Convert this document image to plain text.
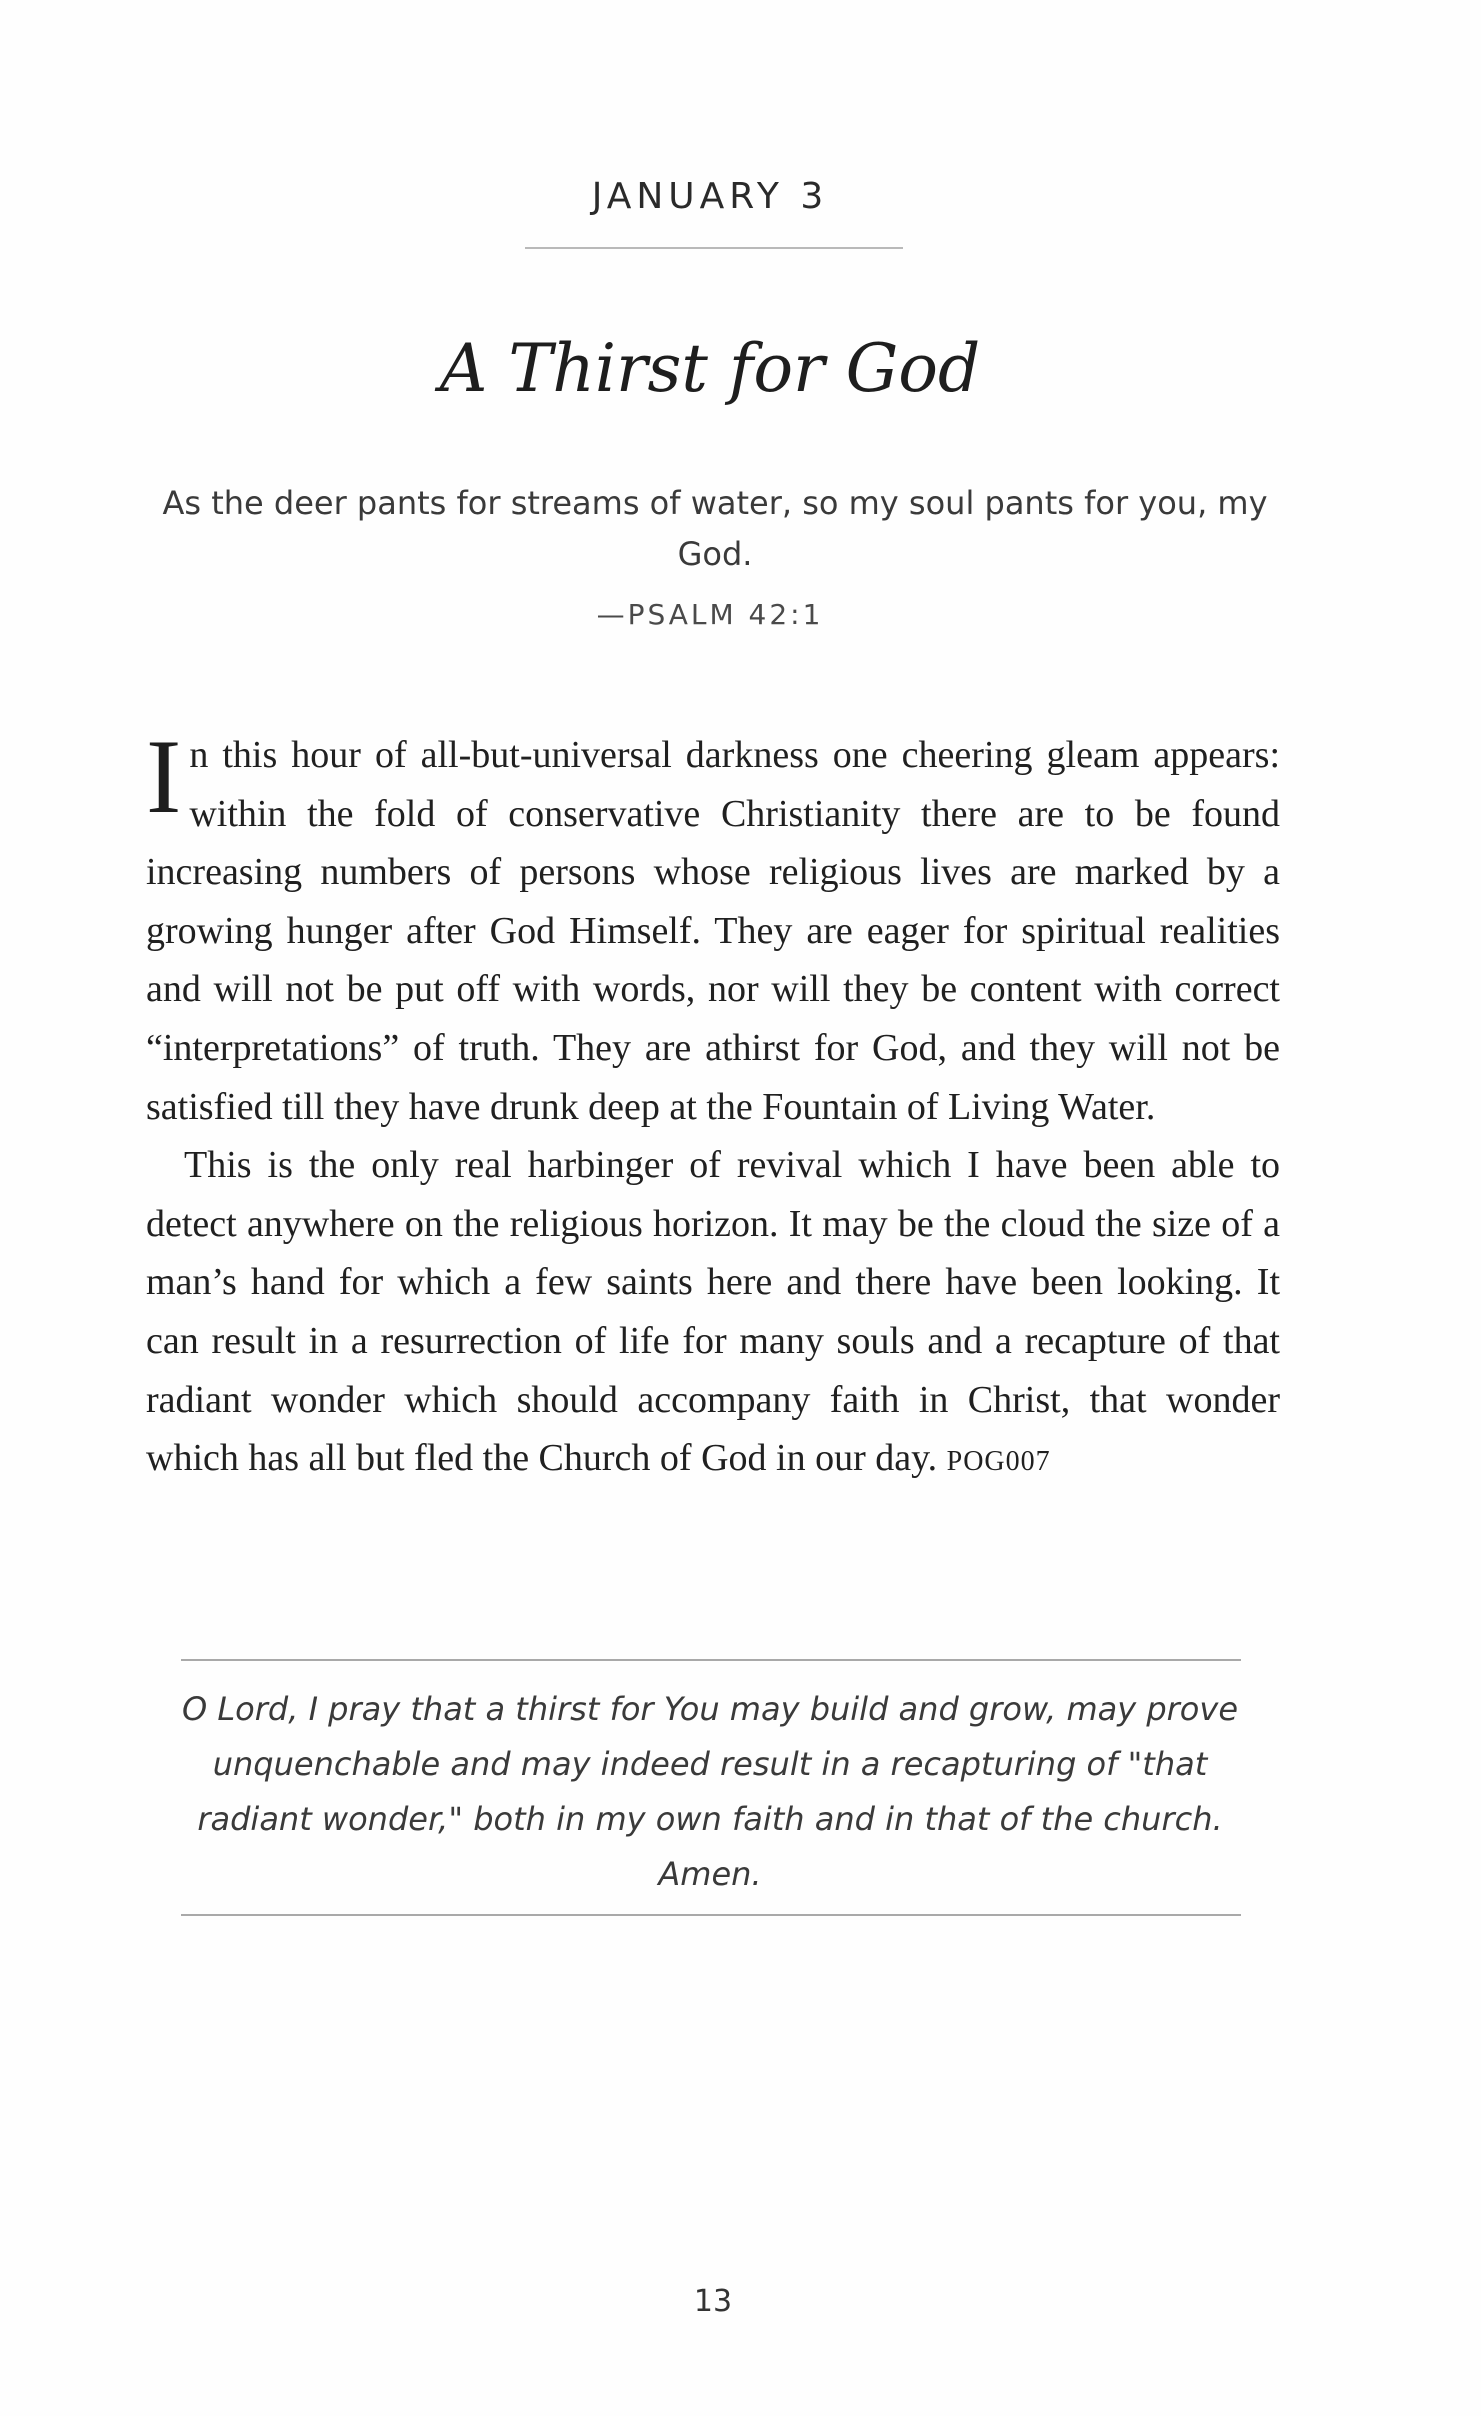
JANUARY 3
A Thirst for God
As the deer pants for streams of water, so my soul pants for you, my God.
—PSALM 42:1

In this hour of all-but-universal darkness one cheering gleam appears: within the fold of conservative Christianity there are to be found increasing numbers of persons whose religious lives are marked by a growing hunger after God Himself. They are eager for spiritual realities and will not be put off with words, nor will they be content with correct “interpretations” of truth. They are athirst for God, and they will not be satisfied till they have drunk deep at the Fountain of Living Water.

This is the only real harbinger of revival which I have been able to detect anywhere on the religious horizon. It may be the cloud the size of a man’s hand for which a few saints here and there have been looking. It can result in a resurrection of life for many souls and a recapture of that radiant wonder which should accompany faith in Christ, that wonder which has all but fled the Church of God in our day. POG007

O Lord, I pray that a thirst for You may build and grow, may prove unquenchable and may indeed result in a recapturing of "that radiant wonder," both in my own faith and in that of the church. Amen.
13
